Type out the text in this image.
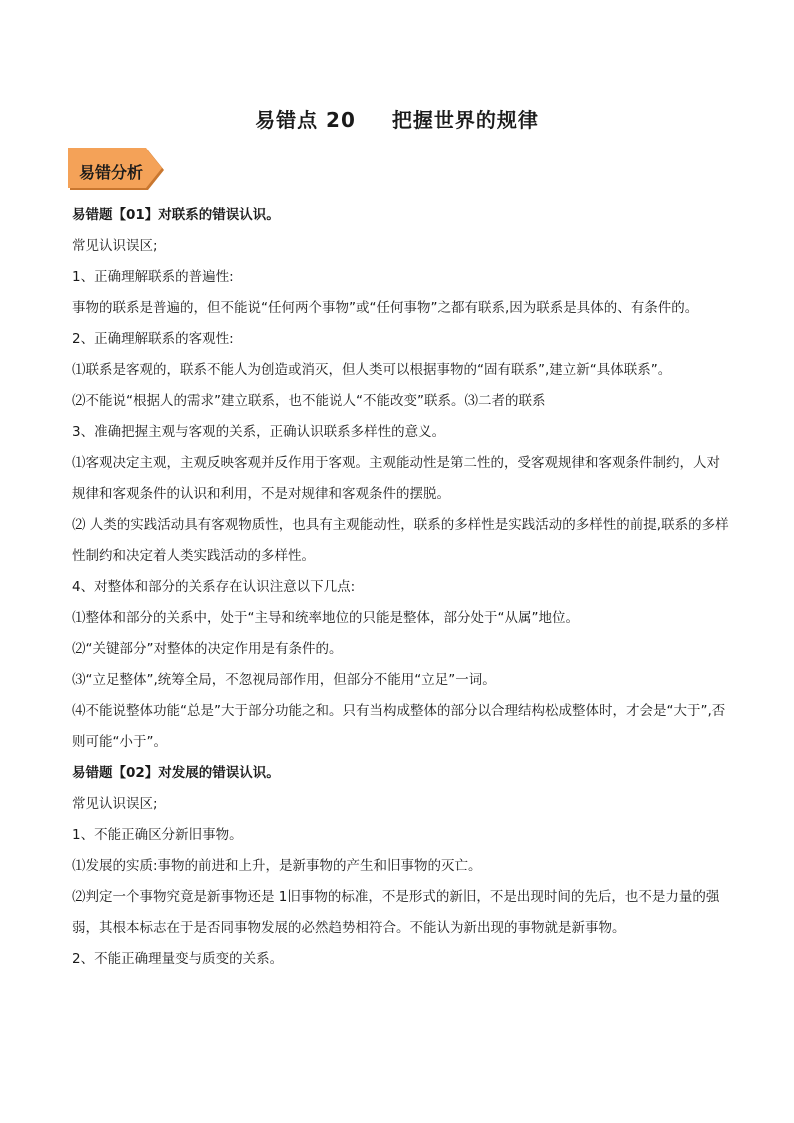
易错点 20 把握世界的规律
易错分析

易错题【01】对联系的错误认识。

常见认识误区;

1、正确理解联系的普遍性:

事物的联系是普遍的，但不能说“任何两个事物”或“任何事物”之都有联系,因为联系是具体的、有条件的。

2、正确理解联系的客观性:

⑴联系是客观的，联系不能人为创造或消灭，但人类可以根据事物的“固有联系”,建立新“具体联系”。

⑵不能说“根据人的需求”建立联系，也不能说人“不能改变”联系。⑶二者的联系

3、准确把握主观与客观的关系，正确认识联系多样性的意义。

⑴客观决定主观，主观反映客观并反作用于客观。主观能动性是第二性的，受客观规律和客观条件制约，人对规律和客观条件的认识和利用，不是对规律和客观条件的摆脱。

⑵ 人类的实践活动具有客观物质性，也具有主观能动性，联系的多样性是实践活动的多样性的前提,联系的多样性制约和决定着人类实践活动的多样性。

4、对整体和部分的关系存在认识注意以下几点:

⑴整体和部分的关系中，处于“主导和统率地位的只能是整体，部分处于“从属”地位。

⑵“关键部分”对整体的决定作用是有条件的。

⑶“立足整体”,统筹全局，不忽视局部作用，但部分不能用“立足”一词。

⑷不能说整体功能“总是”大于部分功能之和。只有当构成整体的部分以合理结构松成整体时，才会是“大于”,否则可能“小于”。

易错题【02】对发展的错误认识。

常见认识误区;

1、不能正确区分新旧事物。

⑴发展的实质:事物的前进和上升，是新事物的产生和旧事物的灭亡。

⑵判定一个事物究竟是新事物还是 1旧事物的标准，不是形式的新旧，不是出现时间的先后，也不是力量的强弱，其根本标志在于是否同事物发展的必然趋势相符合。不能认为新出现的事物就是新事物。

2、不能正确理量变与质变的关系。
